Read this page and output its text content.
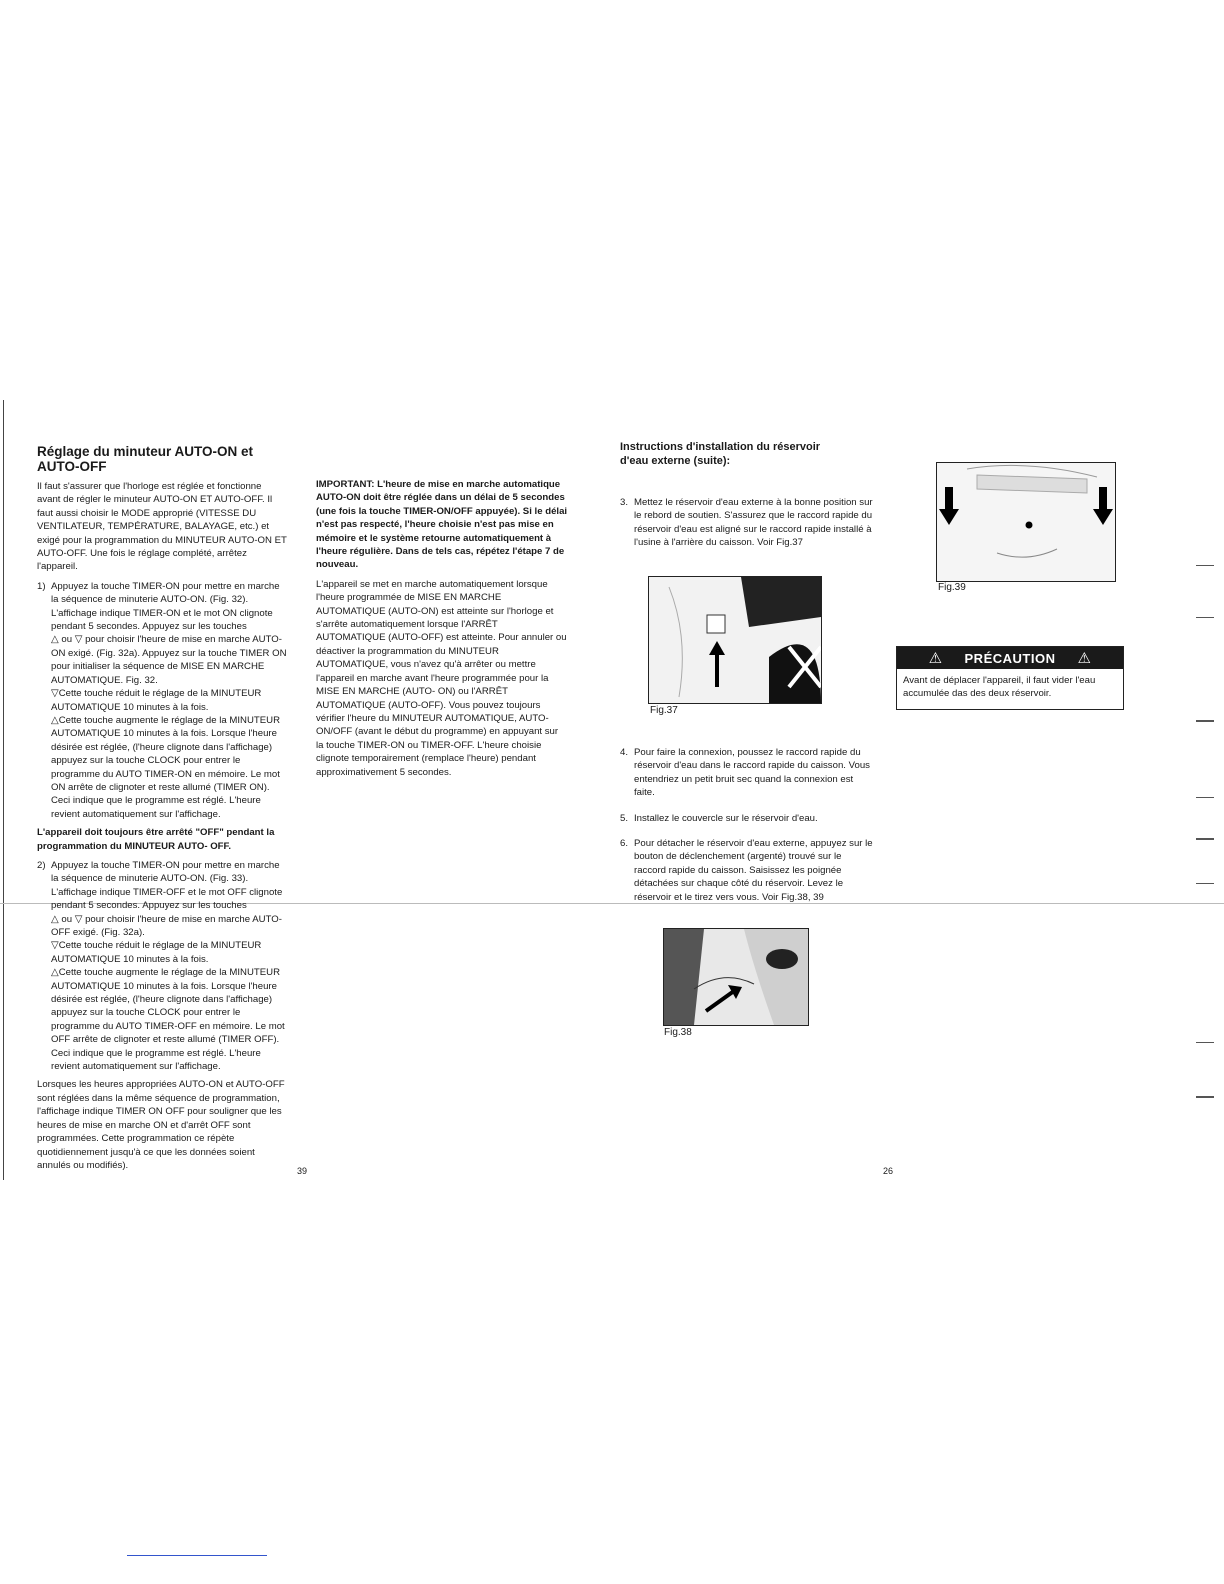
Réglage du minuteur AUTO-ON et AUTO-OFF

Il faut s'assurer que l'horloge est réglée et fonctionne avant de régler le minuteur AUTO-ON ET AUTO-OFF. Il faut aussi choisir le MODE approprié (VITESSE DU VENTILATEUR, TEMPÉRATURE, BALAYAGE, etc.) et exigé pour la programmation du MINUTEUR AUTO-ON ET AUTO-OFF. Une fois le réglage complété, arrêtez l'appareil.

1) Appuyez la touche TIMER-ON pour mettre en marche la séquence de minuterie AUTO-ON. (Fig. 32). L'affichage indique TIMER-ON et le mot ON clignote pendant 5 secondes. Appuyez sur les touches
△ ou ▽ pour choisir l'heure de mise en marche AUTO-ON exigé. (Fig. 32a). Appuyez sur la touche TIMER ON pour initialiser la séquence de MISE EN MARCHE AUTOMATIQUE. Fig. 32.
▽Cette touche réduit le réglage de la MINUTEUR AUTOMATIQUE 10 minutes à la fois.
△Cette touche augmente le réglage de la MINUTEUR AUTOMATIQUE 10 minutes à la fois. Lorsque l'heure désirée est réglée, (l'heure clignote dans l'affichage) appuyez sur la touche CLOCK pour entrer le programme du AUTO TIMER-ON en mémoire. Le mot ON arrête de clignoter et reste allumé (TIMER ON). Ceci indique que le programme est réglé. L'heure revient automatiquement sur l'affichage.

L'appareil doit toujours être arrêté "OFF" pendant la programmation du MINUTEUR AUTO- OFF.

2) Appuyez la touche TIMER-ON pour mettre en marche la séquence de minuterie AUTO-ON. (Fig. 33). L'affichage indique TIMER-OFF et le mot OFF clignote pendant 5 secondes. Appuyez sur les touches
△ ou ▽ pour choisir l'heure de mise en marche AUTO-OFF exigé. (Fig. 32a).
▽Cette touche réduit le réglage de la MINUTEUR AUTOMATIQUE 10 minutes à la fois.
△Cette touche augmente le réglage de la MINUTEUR AUTOMATIQUE 10 minutes à la fois. Lorsque l'heure désirée est réglée, (l'heure clignote dans l'affichage) appuyez sur la touche CLOCK pour entrer le programme du AUTO TIMER-OFF en mémoire. Le mot OFF arrête de clignoter et reste allumé (TIMER OFF). Ceci indique que le programme est réglé. L'heure revient automatiquement sur l'affichage.

Lorsques les heures appropriées AUTO-ON et AUTO-OFF sont réglées dans la même séquence de programmation, l'affichage indique TIMER ON OFF pour souligner que les heures de mise en marche ON et d'arrêt OFF sont programmées. Cette programmation ce répète quotidiennement jusqu'à ce que les données soient annulés ou modifiés).

39

IMPORTANT: L'heure de mise en marche automatique AUTO-ON doit être réglée dans un délai de 5 secondes (une fois la touche TIMER-ON/OFF appuyée). Si le délai n'est pas respecté, l'heure choisie n'est pas mise en mémoire et le système retourne automatiquement à l'heure régulière. Dans de tels cas, répétez l'étape 7 de nouveau.

L'appareil se met en marche automatiquement lorsque l'heure programmée de MISE EN MARCHE AUTOMATIQUE (AUTO-ON) est atteinte sur l'horloge et s'arrête automatiquement lorsque l'ARRÊT AUTOMATIQUE (AUTO-OFF) est atteinte. Pour annuler ou déactiver la programmation du MINUTEUR AUTOMATIQUE, vous n'avez qu'à arrêter ou mettre l'appareil en marche avant l'heure programmée pour la MISE EN MARCHE (AUTO- ON) ou l'ARRÊT AUTOMATIQUE (AUTO-OFF). Vous pouvez toujours vérifier l'heure du MINUTEUR AUTOMATIQUE, AUTO- ON/OFF (avant le début du programme) en appuyant sur la touche TIMER-ON ou TIMER-OFF. L'heure choisie clignote temporairement (remplace l'heure) pendant approximativement 5 secondes.

Instructions d'installation du réservoir d'eau externe (suite):
3. Mettez le réservoir d'eau externe à la bonne position sur le rebord de soutien. S'assurez que le raccord rapide du réservoir d'eau est aligné sur le raccord rapide installé à l'usine à l'arrière du caisson. Voir Fig.37
Fig.37
4. Pour faire la connexion, poussez le raccord rapide du réservoir d'eau dans le raccord rapide du caisson. Vous entendriez un petit bruit sec quand la connexion est faite.
5. Installez le couvercle sur le réservoir d'eau.
6. Pour détacher le réservoir d'eau externe, appuyez sur le bouton de déclenchement (argenté) trouvé sur le raccord rapide du caisson. Saisissez les poignée détachées sur chaque côté du réservoir. Levez le réservoir et le tirez vers vous. Voir Fig.38, 39
Fig.38
Fig.39
⚠ PRÉCAUTION ⚠
Avant de déplacer l'appareil, il faut vider l'eau accumulée das des deux réservoir.
26
